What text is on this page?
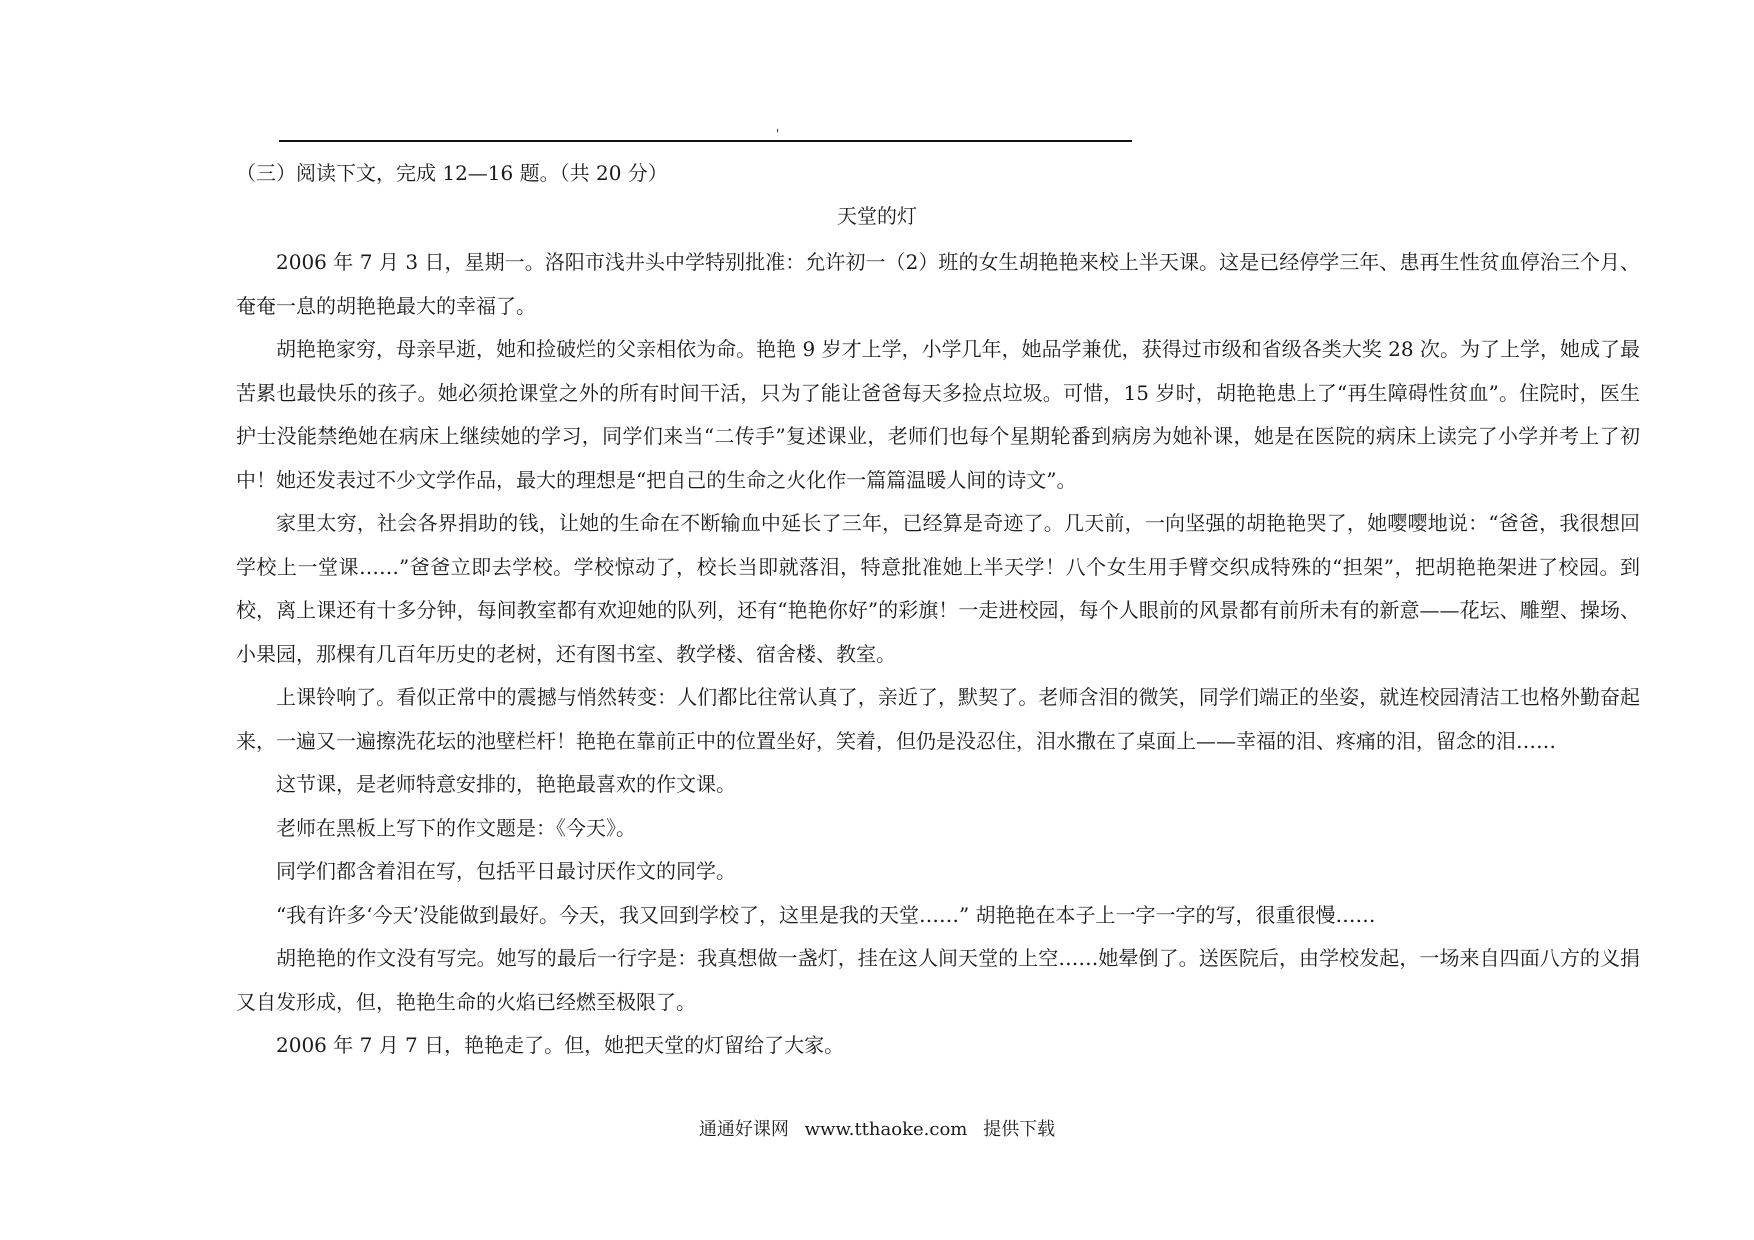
'
（三）阅读下文，完成 12—16 题。（共 20 分）
天堂的灯

2006 年 7 月 3 日，星期一。洛阳市浅井头中学特别批准：允许初一（2）班的女生胡艳艳来校上半天课。这是已经停学三年、患再生性贫血停治三个月、奄奄一息的胡艳艳最大的幸福了。

胡艳艳家穷，母亲早逝，她和捡破烂的父亲相依为命。艳艳 9 岁才上学，小学几年，她品学兼优，获得过市级和省级各类大奖 28 次。为了上学，她成了最苦累也最快乐的孩子。她必须抢课堂之外的所有时间干活，只为了能让爸爸每天多捡点垃圾。可惜，15 岁时，胡艳艳患上了“再生障碍性贫血”。住院时，医生护士没能禁绝她在病床上继续她的学习，同学们来当“二传手”复述课业，老师们也每个星期轮番到病房为她补课，她是在医院的病床上读完了小学并考上了初中！她还发表过不少文学作品，最大的理想是“把自己的生命之火化作一篇篇温暖人间的诗文”。

家里太穷，社会各界捐助的钱，让她的生命在不断输血中延长了三年，已经算是奇迹了。几天前，一向坚强的胡艳艳哭了，她嘤嘤地说：“爸爸，我很想回学校上一堂课……”爸爸立即去学校。学校惊动了，校长当即就落泪，特意批准她上半天学！八个女生用手臂交织成特殊的“担架”，把胡艳艳架进了校园。到校，离上课还有十多分钟，每间教室都有欢迎她的队列，还有“艳艳你好”的彩旗！一走进校园，每个人眼前的风景都有前所未有的新意——花坛、雕塑、操场、小果园，那棵有几百年历史的老树，还有图书室、教学楼、宿舍楼、教室。

上课铃响了。看似正常中的震撼与悄然转变：人们都比往常认真了，亲近了，默契了。老师含泪的微笑，同学们端正的坐姿，就连校园清洁工也格外勤奋起来，一遍又一遍擦洗花坛的池壁栏杆！艳艳在靠前正中的位置坐好，笑着，但仍是没忍住，泪水撒在了桌面上——幸福的泪、疼痛的泪，留念的泪……

这节课，是老师特意安排的，艳艳最喜欢的作文课。

老师在黑板上写下的作文题是：《今天》。

同学们都含着泪在写，包括平日最讨厌作文的同学。

“我有许多‘今天’没能做到最好。今天，我又回到学校了，这里是我的天堂……” 胡艳艳在本子上一字一字的写，很重很慢……

胡艳艳的作文没有写完。她写的最后一行字是：我真想做一盏灯，挂在这人间天堂的上空……她晕倒了。送医院后，由学校发起，一场来自四面八方的义捐又自发形成，但，艳艳生命的火焰已经燃至极限了。

2006 年 7 月 7 日，艳艳走了。但，她把天堂的灯留给了大家。

通通好课网 www.tthaoke.com 提供下载
